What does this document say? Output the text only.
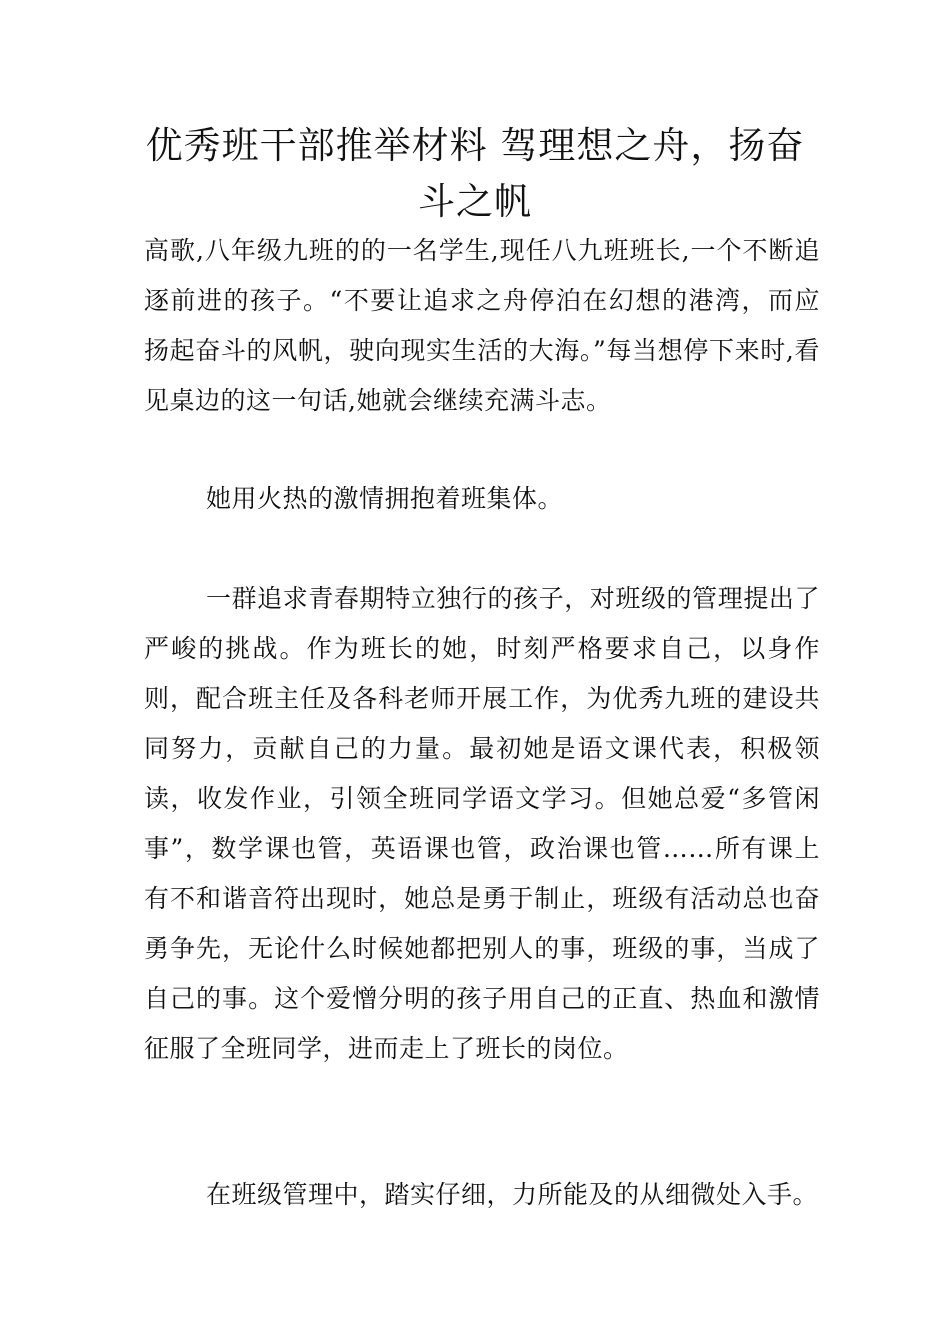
优秀班干部推举材料 驾理想之舟，扬奋斗之帆

高歌,八年级九班的的一名学生,现任八九班班长,一个不断追逐前进的孩子。“不要让追求之舟停泊在幻想的港湾，而应扬起奋斗的风帆，驶向现实生活的大海。”每当想停下来时,看见桌边的这一句话,她就会继续充满斗志。

她用火热的激情拥抱着班集体。

一群追求青春期特立独行的孩子，对班级的管理提出了严峻的挑战。作为班长的她，时刻严格要求自己，以身作则，配合班主任及各科老师开展工作，为优秀九班的建设共同努力，贡献自己的力量。最初她是语文课代表，积极领读，收发作业，引领全班同学语文学习。但她总爱“多管闲事”，数学课也管，英语课也管，政治课也管……所有课上有不和谐音符出现时，她总是勇于制止，班级有活动总也奋勇争先，无论什么时候她都把别人的事，班级的事，当成了自己的事。这个爱憎分明的孩子用自己的正直、热血和激情征服了全班同学，进而走上了班长的岗位。

在班级管理中，踏实仔细，力所能及的从细微处入手。
